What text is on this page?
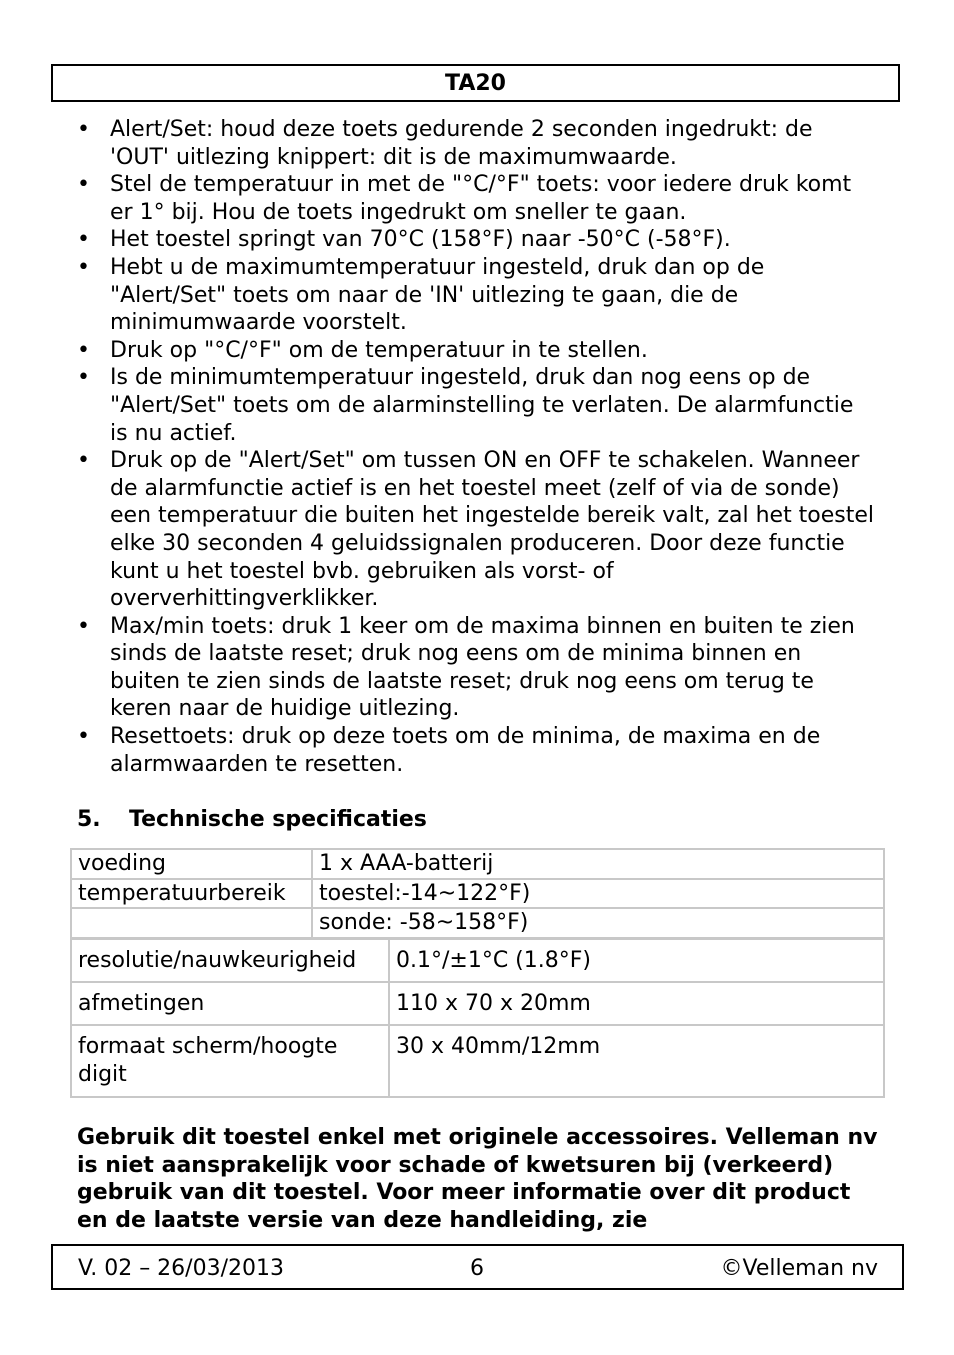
TA20
• Alert/Set: houd deze toets gedurende 2 seconden ingedrukt: de 'OUT' uitlezing knippert: dit is de maximumwaarde.
• Stel de temperatuur in met de "°C/°F" toets: voor iedere druk komt er 1° bij. Hou de toets ingedrukt om sneller te gaan.
• Het toestel springt van 70°C (158°F) naar -50°C (-58°F).
• Hebt u de maximumtemperatuur ingesteld, druk dan op de "Alert/Set" toets om naar de 'IN' uitlezing te gaan, die de minimumwaarde voorstelt.
• Druk op "°C/°F" om de temperatuur in te stellen.
• Is de minimumtemperatuur ingesteld, druk dan nog eens op de "Alert/Set" toets om de alarminstelling te verlaten. De alarmfunctie is nu actief.
• Druk op de "Alert/Set" om tussen ON en OFF te schakelen. Wanneer de alarmfunctie actief is en het toestel meet (zelf of via de sonde) een temperatuur die buiten het ingestelde bereik valt, zal het toestel elke 30 seconden 4 geluidssignalen produceren. Door deze functie kunt u het toestel bvb. gebruiken als vorst- of oververhittingverklikker.
• Max/min toets: druk 1 keer om de maxima binnen en buiten te zien sinds de laatste reset; druk nog eens om de minima binnen en buiten te zien sinds de laatste reset; druk nog eens om terug te keren naar de huidige uitlezing.
• Resettoets: druk op deze toets om de minima, de maxima en de alarmwaarden te resetten.
5. Technische specificaties
voeding	1 x AAA-batterij
temperatuurbereik	toestel:-14~122°F)
	sonde: -58~158°F)
resolutie/nauwkeurigheid	0.1°/±1°C (1.8°F)
afmetingen	110 x 70 x 20mm
formaat scherm/hoogte digit	30 x 40mm/12mm
Gebruik dit toestel enkel met originele accessoires. Velleman nv is niet aansprakelijk voor schade of kwetsuren bij (verkeerd) gebruik van dit toestel. Voor meer informatie over dit product en de laatste versie van deze handleiding, zie
V. 02 – 26/03/2013	6	©Velleman nv
